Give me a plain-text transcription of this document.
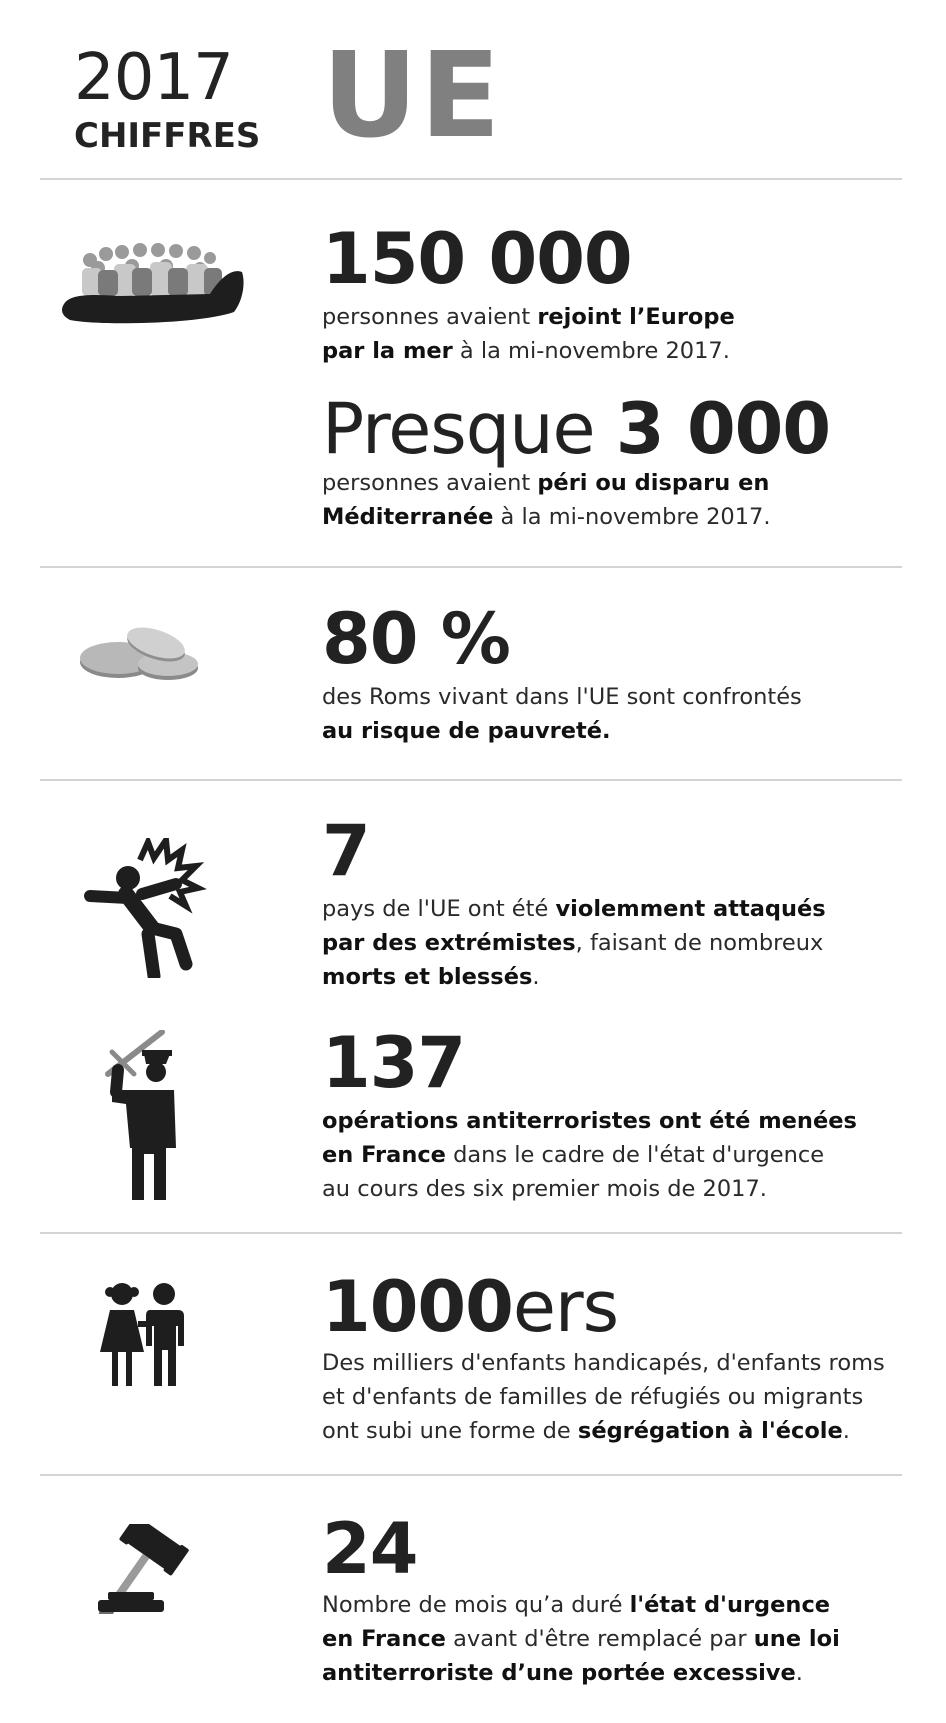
2017
CHIFFRES UE
150 000
personnes avaient rejoint l’Europe
par la mer à la mi-novembre 2017.
Presque 3 000
personnes avaient péri ou disparu en
Méditerranée à la mi-novembre 2017.
80 %
des Roms vivant dans l'UE sont confrontés
au risque de pauvreté.
7
pays de l'UE ont été violemment attaqués
par des extrémistes, faisant de nombreux
morts et blessés.
137
opérations antiterroristes ont été menées
en France dans le cadre de l'état d'urgence
au cours des six premier mois de 2017.
1000ers
Des milliers d'enfants handicapés, d'enfants roms
et d'enfants de familles de réfugiés ou migrants
ont subi une forme de ségrégation à l'école.
24
Nombre de mois qu’a duré l'état d'urgence
en France avant d'être remplacé par une loi
antiterroriste d’une portée excessive.
